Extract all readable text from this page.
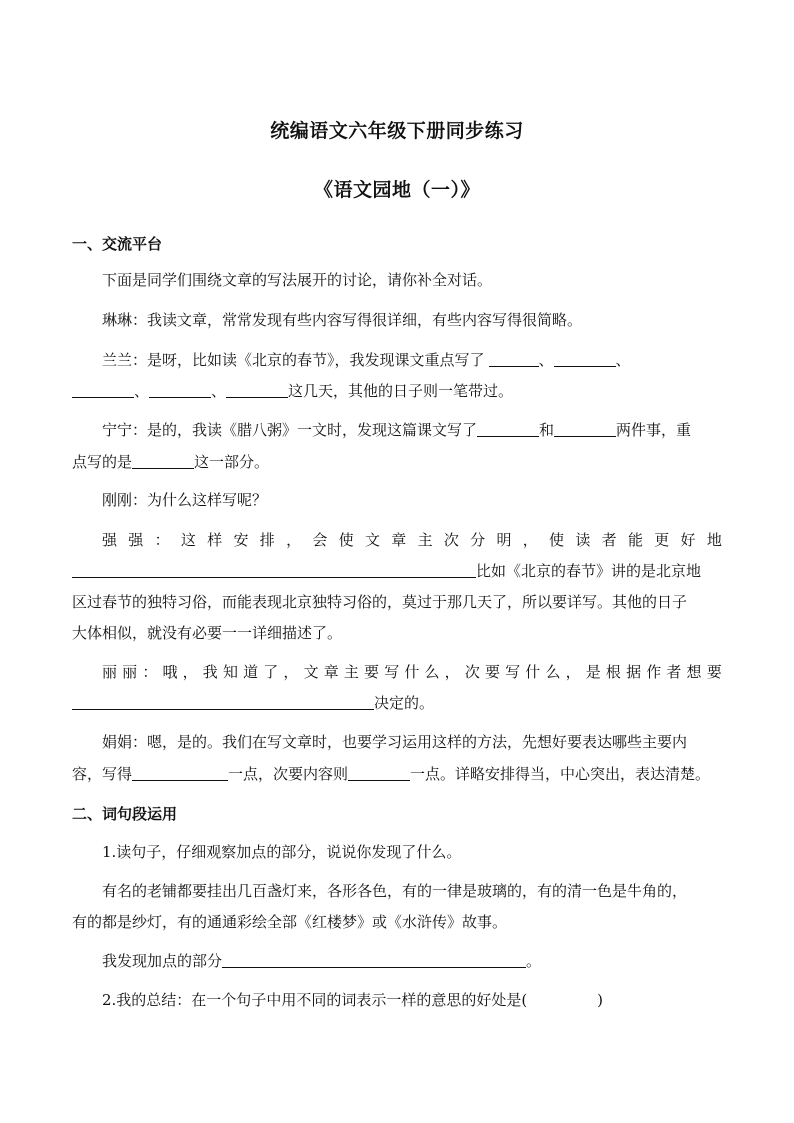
统编语文六年级下册同步练习
《语文园地（一）》
一、交流平台
下面是同学们围绕文章的写法展开的讨论，请你补全对话。
琳琳：我读文章，常常发现有些内容写得很详细，有些内容写得很简略。
兰兰：是呀，比如读《北京的春节》，我发现课文重点写了	、	、
、	、	这几天，其他的日子则一笔带过。
宁宁：是的，我读《腊八粥》一文时，发现这篇课文写了	和	两件事，重
点写的是	这一部分。
刚刚：为什么这样写呢？
强 强 ： 这 样 安 排 ， 会 使 文 章 主 次 分 明 ， 使 读 者 能 更 好 地
比如《北京的春节》讲的是北京地
区过春节的独特习俗，而能表现北京独特习俗的，莫过于那几天了，所以要详写。其他的日子
大体相似，就没有必要一一详细描述了。
丽 丽 ： 哦 ， 我 知 道 了 ， 文 章 主 要 写 什 么 ， 次 要 写 什 么 ， 是 根 据 作 者 想 要
决定的。
娟娟：嗯，是的。我们在写文章时，也要学习运用这样的方法，先想好要表达哪些主要内
容，写得	一点，次要内容则	一点。详略安排得当，中心突出，表达清楚。
二、词句段运用
1.读句子，仔细观察加点的部分，说说你发现了什么。
有名的老铺都要挂出几百盏灯来，各形各色，有的一律是玻璃的，有的清一色是牛角的，
有的都是纱灯，有的通通彩绘全部《红楼梦》或《水浒传》故事。
我发现加点的部分	。
2.我的总结：在一个句子中用不同的词表示一样的意思的好处是(	)
